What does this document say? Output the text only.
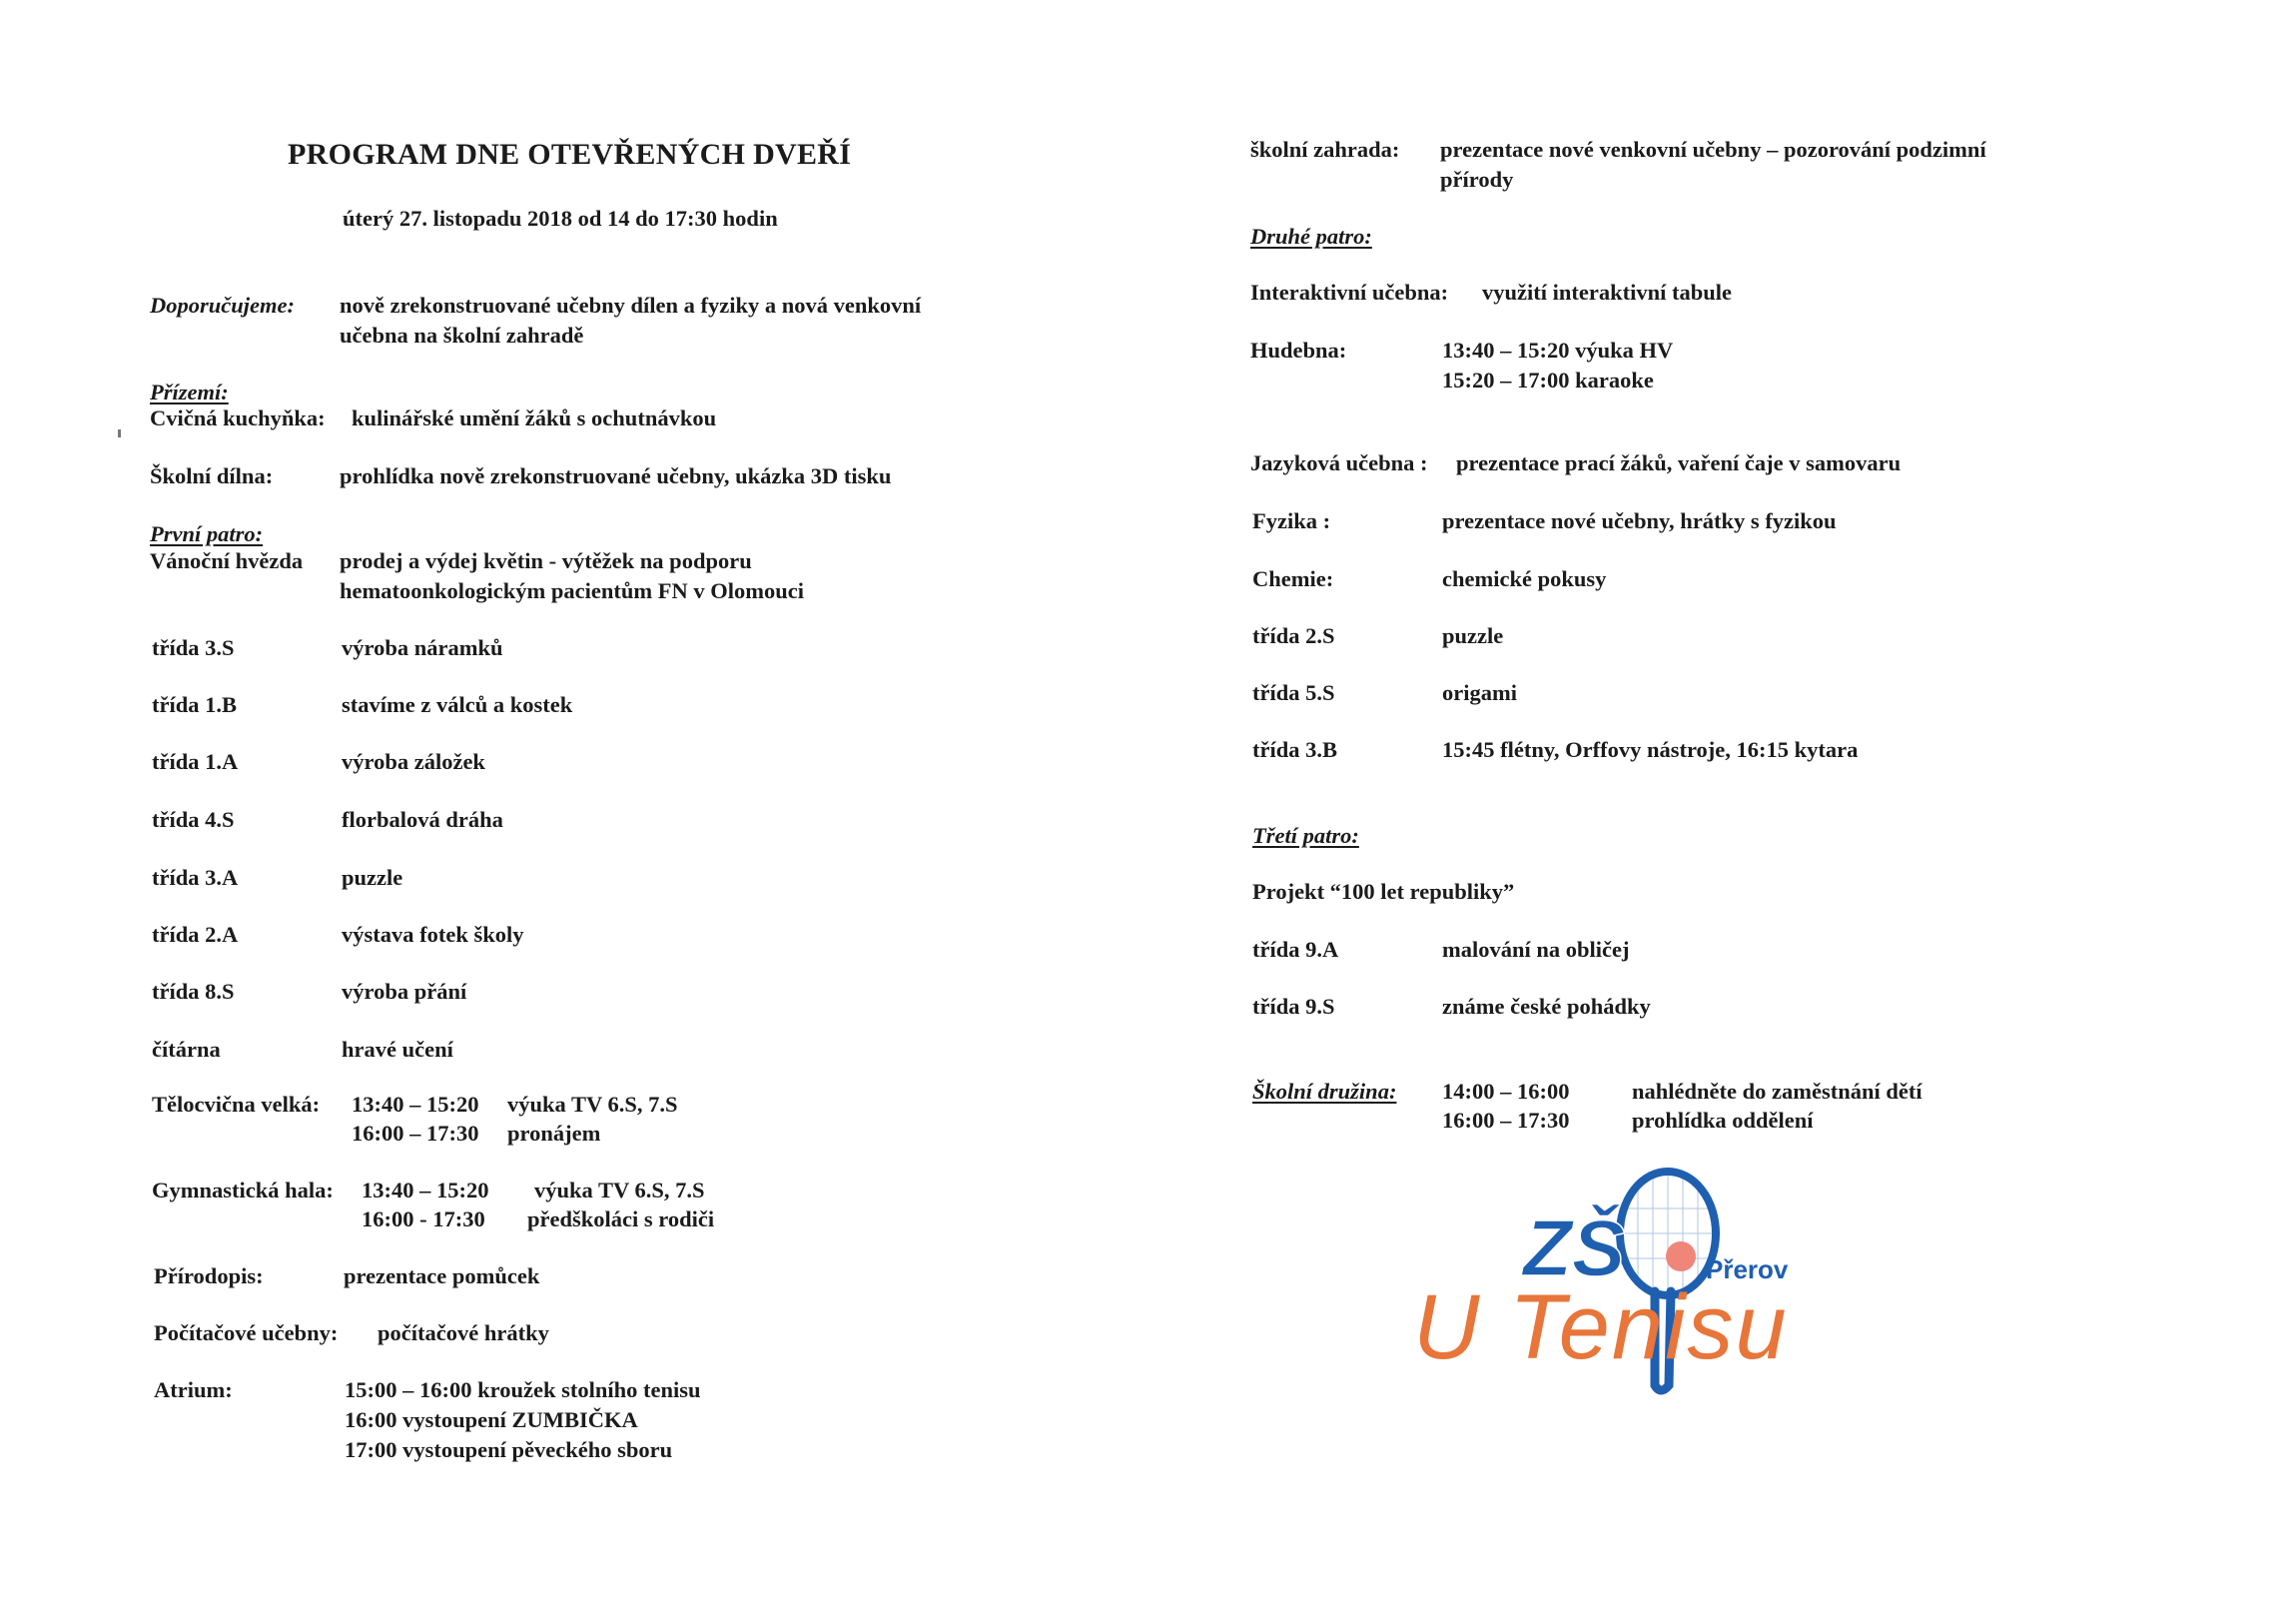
PROGRAM DNE OTEVŘENÝCH DVEŘÍ
úterý 27. listopadu 2018 od 14 do 17:30 hodin
Doporučujeme: nově zrekonstruované učebny dílen a fyziky a nová venkovní
učebna na školní zahradě
Přízemí:
Cvičná kuchyňka: kulinářské umění žáků s ochutnávkou
Školní dílna:	prohlídka nově zrekonstruované učebny, ukázka 3D tisku
První patro:
Vánoční hvězda prodej a výdej květin - výtěžek na podporu
hematoonkologickým pacientům FN v Olomouci
třída 3.S	výroba náramků
třída 1.B	stavíme z válců a kostek
třída 1.A	výroba záložek
třída 4.S	florbalová dráha
třída 3.A	puzzle
třída 2.A	výstava fotek školy
třída 8.S	výroba přání
čítárna	hravé učení
Tělocvična velká: 13:40 – 15:20 výuka TV 6.S, 7.S
16:00 – 17:30 pronájem
Gymnastická hala: 13:40 – 15:20 výuka TV 6.S, 7.S
16:00 - 17:30 předškoláci s rodiči
Přírodopis:	prezentace pomůcek
Počítačové učebny: počítačové hrátky
Atrium:	15:00 – 16:00 kroužek stolního tenisu
16:00 vystoupení ZUMBIČKA
17:00 vystoupení pěveckého sboru
školní zahrada: prezentace nové venkovní učebny – pozorování podzimní
přírody
Druhé patro:
Interaktivní učebna: využití interaktivní tabule
Hudebna:	13:40 – 15:20 výuka HV
15:20 – 17:00 karaoke
Jazyková učebna : prezentace prací žáků, vaření čaje v samovaru
Fyzika :	prezentace nové učebny, hrátky s fyzikou
Chemie:	chemické pokusy
třída 2.S	puzzle
třída 5.S	origami
třída 3.B	15:45 flétny, Orffovy nástroje, 16:15 kytara
Třetí patro:
Projekt “100 let republiky”
třída 9.A	malování na obličej
třída 9.S	známe české pohádky
Školní družina: 14:00 – 16:00	nahlédněte do zaměstnání dětí
16:00 – 17:30	prohlídka oddělení
ZŠ	Přerov
U Tenisu
